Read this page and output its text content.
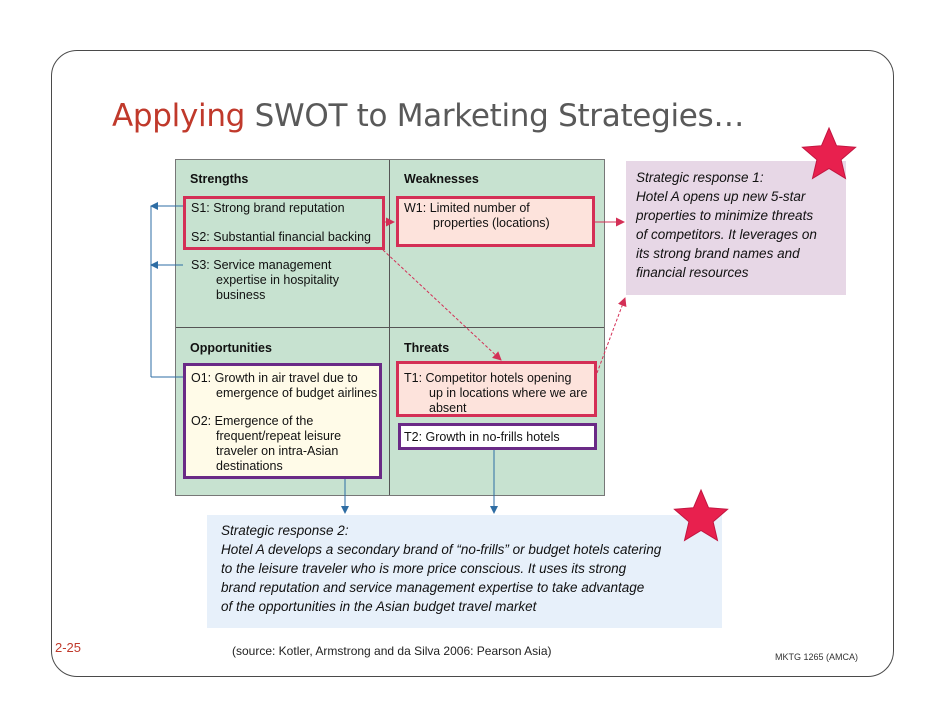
Applying SWOT to Marketing Strategies…
Strengths
S1: Strong brand reputation
S2: Substantial financial backing
S3: Service management
expertise in hospitality
business
Weaknesses
W1: Limited number of
properties (locations)
Opportunities
O1: Growth in air travel due to
emergence of budget airlines
O2: Emergence of the
frequent/repeat leisure
traveler on intra-Asian
destinations
Threats
T1: Competitor hotels opening
up in locations where we are
absent
T2: Growth in no-frills hotels
Strategic response 1:
Hotel A opens up new 5-star
properties to minimize threats
of competitors. It leverages on
its strong brand names and
financial resources
Strategic response 2:
Hotel A develops a secondary brand of “no-frills” or budget hotels catering
to the leisure traveler who is more price conscious. It uses its strong
brand reputation and service management expertise to take advantage
of the opportunities in the Asian budget travel market
(source: Kotler, Armstrong and da Silva 2006: Pearson Asia)
2-25
MKTG 1265 (AMCA)
